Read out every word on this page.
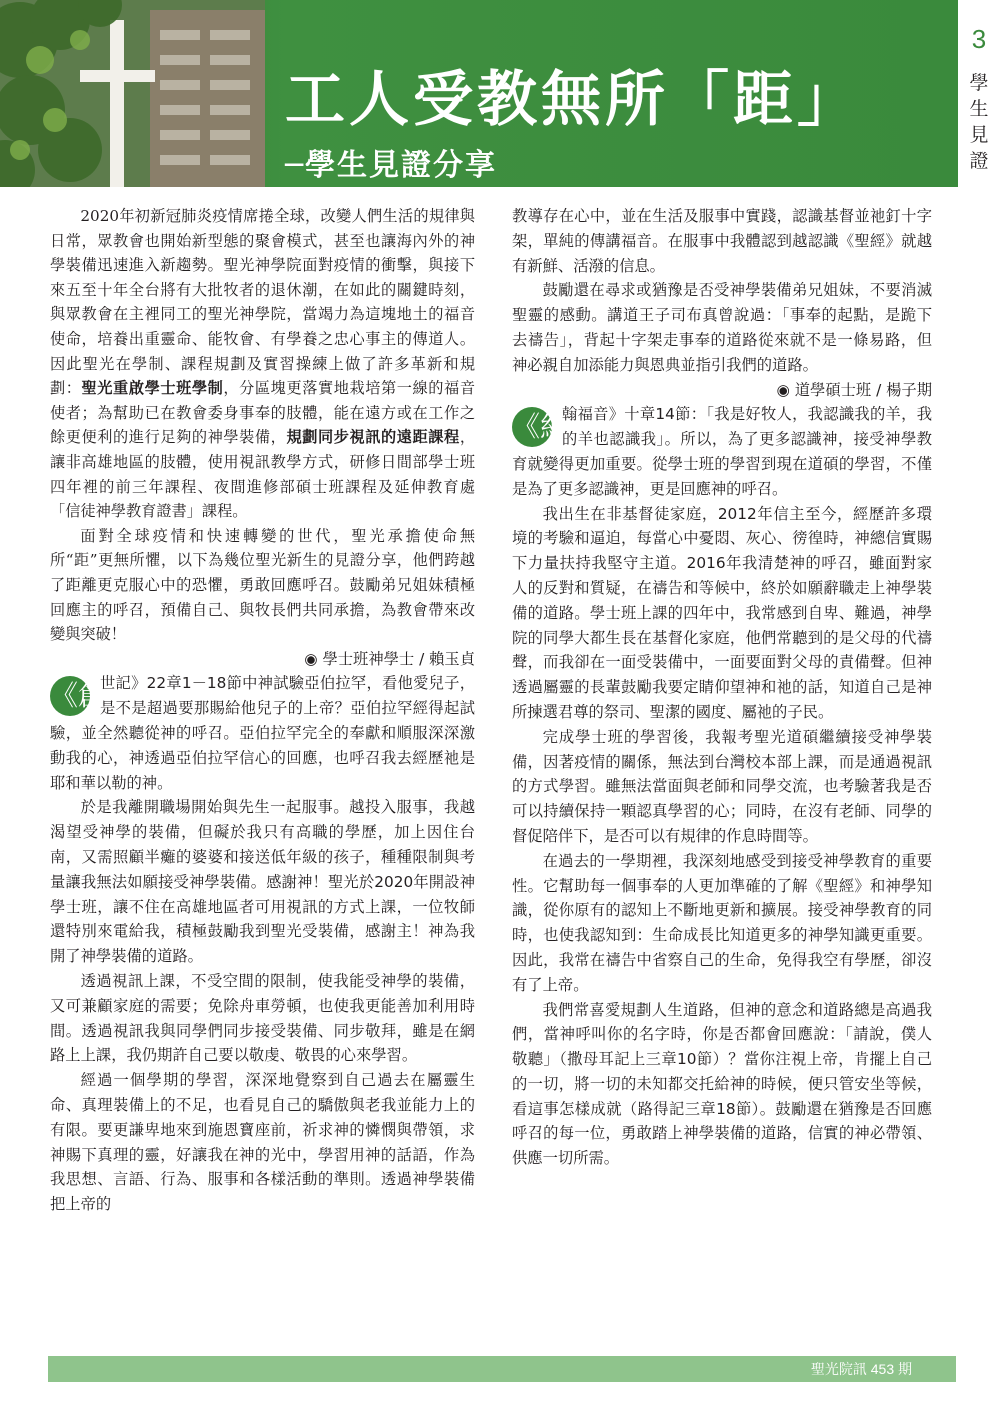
工人受教無所「距」
─學生見證分享
3
學
生
見
證

2020年初新冠肺炎疫情席捲全球，改變人們生活的規律與日常，眾教會也開始新型態的聚會模式，甚至也讓海內外的神學裝備迅速進入新趨勢。聖光神學院面對疫情的衝擊，與接下來五至十年全台將有大批牧者的退休潮，在如此的關鍵時刻，與眾教會在主裡同工的聖光神學院，當竭力為這塊地土的福音使命，培養出重靈命、能牧會、有學養之忠心事主的傳道人。因此聖光在學制、課程規劃及實習操練上做了許多革新和規劃：聖光重啟學士班學制，分區塊更落實地栽培第一線的福音使者；為幫助已在教會委身事奉的肢體，能在遠方或在工作之餘更便利的進行足夠的神學裝備，規劃同步視訊的遠距課程，讓非高雄地區的肢體，使用視訊教學方式，研修日間部學士班四年裡的前三年課程、夜間進修部碩士班課程及延伸教育處「信徒神學教育證書」課程。

面對全球疫情和快速轉變的世代，聖光承擔使命無所“距”更無所懼，以下為幾位聖光新生的見證分享，他們跨越了距離更克服心中的恐懼，勇敢回應呼召。鼓勵弟兄姐妹積極回應主的呼召，預備自己、與牧長們共同承擔，為教會帶來改變與突破！

◉ 學士班神學士 / 賴玉貞

《創
世記》22章1－18節中神試驗亞伯拉罕，看他愛兒子，是不是超過要那賜給他兒子的上帝？亞伯拉罕經得起試驗，並全然聽從神的呼召。亞伯拉罕完全的奉獻和順服深深激動我的心，神透過亞伯拉罕信心的回應，也呼召我去經歷祂是耶和華以勒的神。

於是我離開職場開始與先生一起服事。越投入服事，我越渴望受神學的裝備，但礙於我只有高職的學歷，加上因住台南，又需照顧半癱的婆婆和接送低年級的孩子，種種限制與考量讓我無法如願接受神學裝備。感謝神！聖光於2020年開設神學士班，讓不住在高雄地區者可用視訊的方式上課，一位牧師還特別來電給我，積極鼓勵我到聖光受裝備，感謝主！神為我開了神學裝備的道路。

透過視訊上課，不受空間的限制，使我能受神學的裝備，又可兼顧家庭的需要；免除舟車勞頓，也使我更能善加利用時間。透過視訊我與同學們同步接受裝備、同步敬拜，雖是在網路上上課，我仍期許自己要以敬虔、敬畏的心來學習。

經過一個學期的學習，深深地覺察到自己過去在屬靈生命、真理裝備上的不足，也看見自己的驕傲與老我並能力上的有限。要更謙卑地來到施恩寶座前，祈求神的憐憫與帶領，求神賜下真理的靈，好讓我在神的光中，學習用神的話語，作為我思想、言語、行為、服事和各樣活動的準則。透過神學裝備把上帝的

教導存在心中，並在生活及服事中實踐，認識基督並祂釘十字架，單純的傳講福音。在服事中我體認到越認識《聖經》就越有新鮮、活潑的信息。

鼓勵還在尋求或猶豫是否受神學裝備弟兄姐妹，不要消滅聖靈的感動。講道王子司布真曾說過：「事奉的起點，是跪下去禱告」，背起十字架走事奉的道路從來就不是一條易路，但神必親自加添能力與恩典並指引我們的道路。

◉ 道學碩士班 / 楊子期

《約
翰福音》十章14節：「我是好牧人，我認識我的羊，我的羊也認識我」。所以，為了更多認識神，接受神學教育就變得更加重要。從學士班的學習到現在道碩的學習，不僅是為了更多認識神，更是回應神的呼召。

我出生在非基督徒家庭，2012年信主至今，經歷許多環境的考驗和逼迫，每當心中憂悶、灰心、徬徨時，神總信實賜下力量扶持我堅守主道。2016年我清楚神的呼召，雖面對家人的反對和質疑，在禱告和等候中，終於如願辭職走上神學裝備的道路。學士班上課的四年中，我常感到自卑、難過，神學院的同學大都生長在基督化家庭，他們常聽到的是父母的代禱聲，而我卻在一面受裝備中，一面要面對父母的責備聲。但神透過屬靈的長輩鼓勵我要定睛仰望神和祂的話，知道自己是神所揀選君尊的祭司、聖潔的國度、屬祂的子民。

完成學士班的學習後，我報考聖光道碩繼續接受神學裝備，因著疫情的關係，無法到台灣校本部上課，而是通過視訊的方式學習。雖無法當面與老師和同學交流，也考驗著我是否可以持續保持一顆認真學習的心；同時，在沒有老師、同學的督促陪伴下，是否可以有規律的作息時間等。

在過去的一學期裡，我深刻地感受到接受神學教育的重要性。它幫助每一個事奉的人更加準確的了解《聖經》和神學知識，從你原有的認知上不斷地更新和擴展。接受神學教育的同時，也使我認知到：生命成長比知道更多的神學知識更重要。因此，我常在禱告中省察自己的生命，免得我空有學歷，卻沒有了上帝。

我們常喜愛規劃人生道路，但神的意念和道路總是高過我們，當神呼叫你的名字時，你是否都會回應說：「請說，僕人敬聽」（撒母耳記上三章10節）？當你注視上帝，肯擺上自己的一切，將一切的未知都交托給神的時候，便只管安坐等候，看這事怎樣成就（路得記三章18節）。鼓勵還在猶豫是否回應呼召的每一位，勇敢踏上神學裝備的道路，信實的神必帶領、供應一切所需。

聖光院訊 453 期
